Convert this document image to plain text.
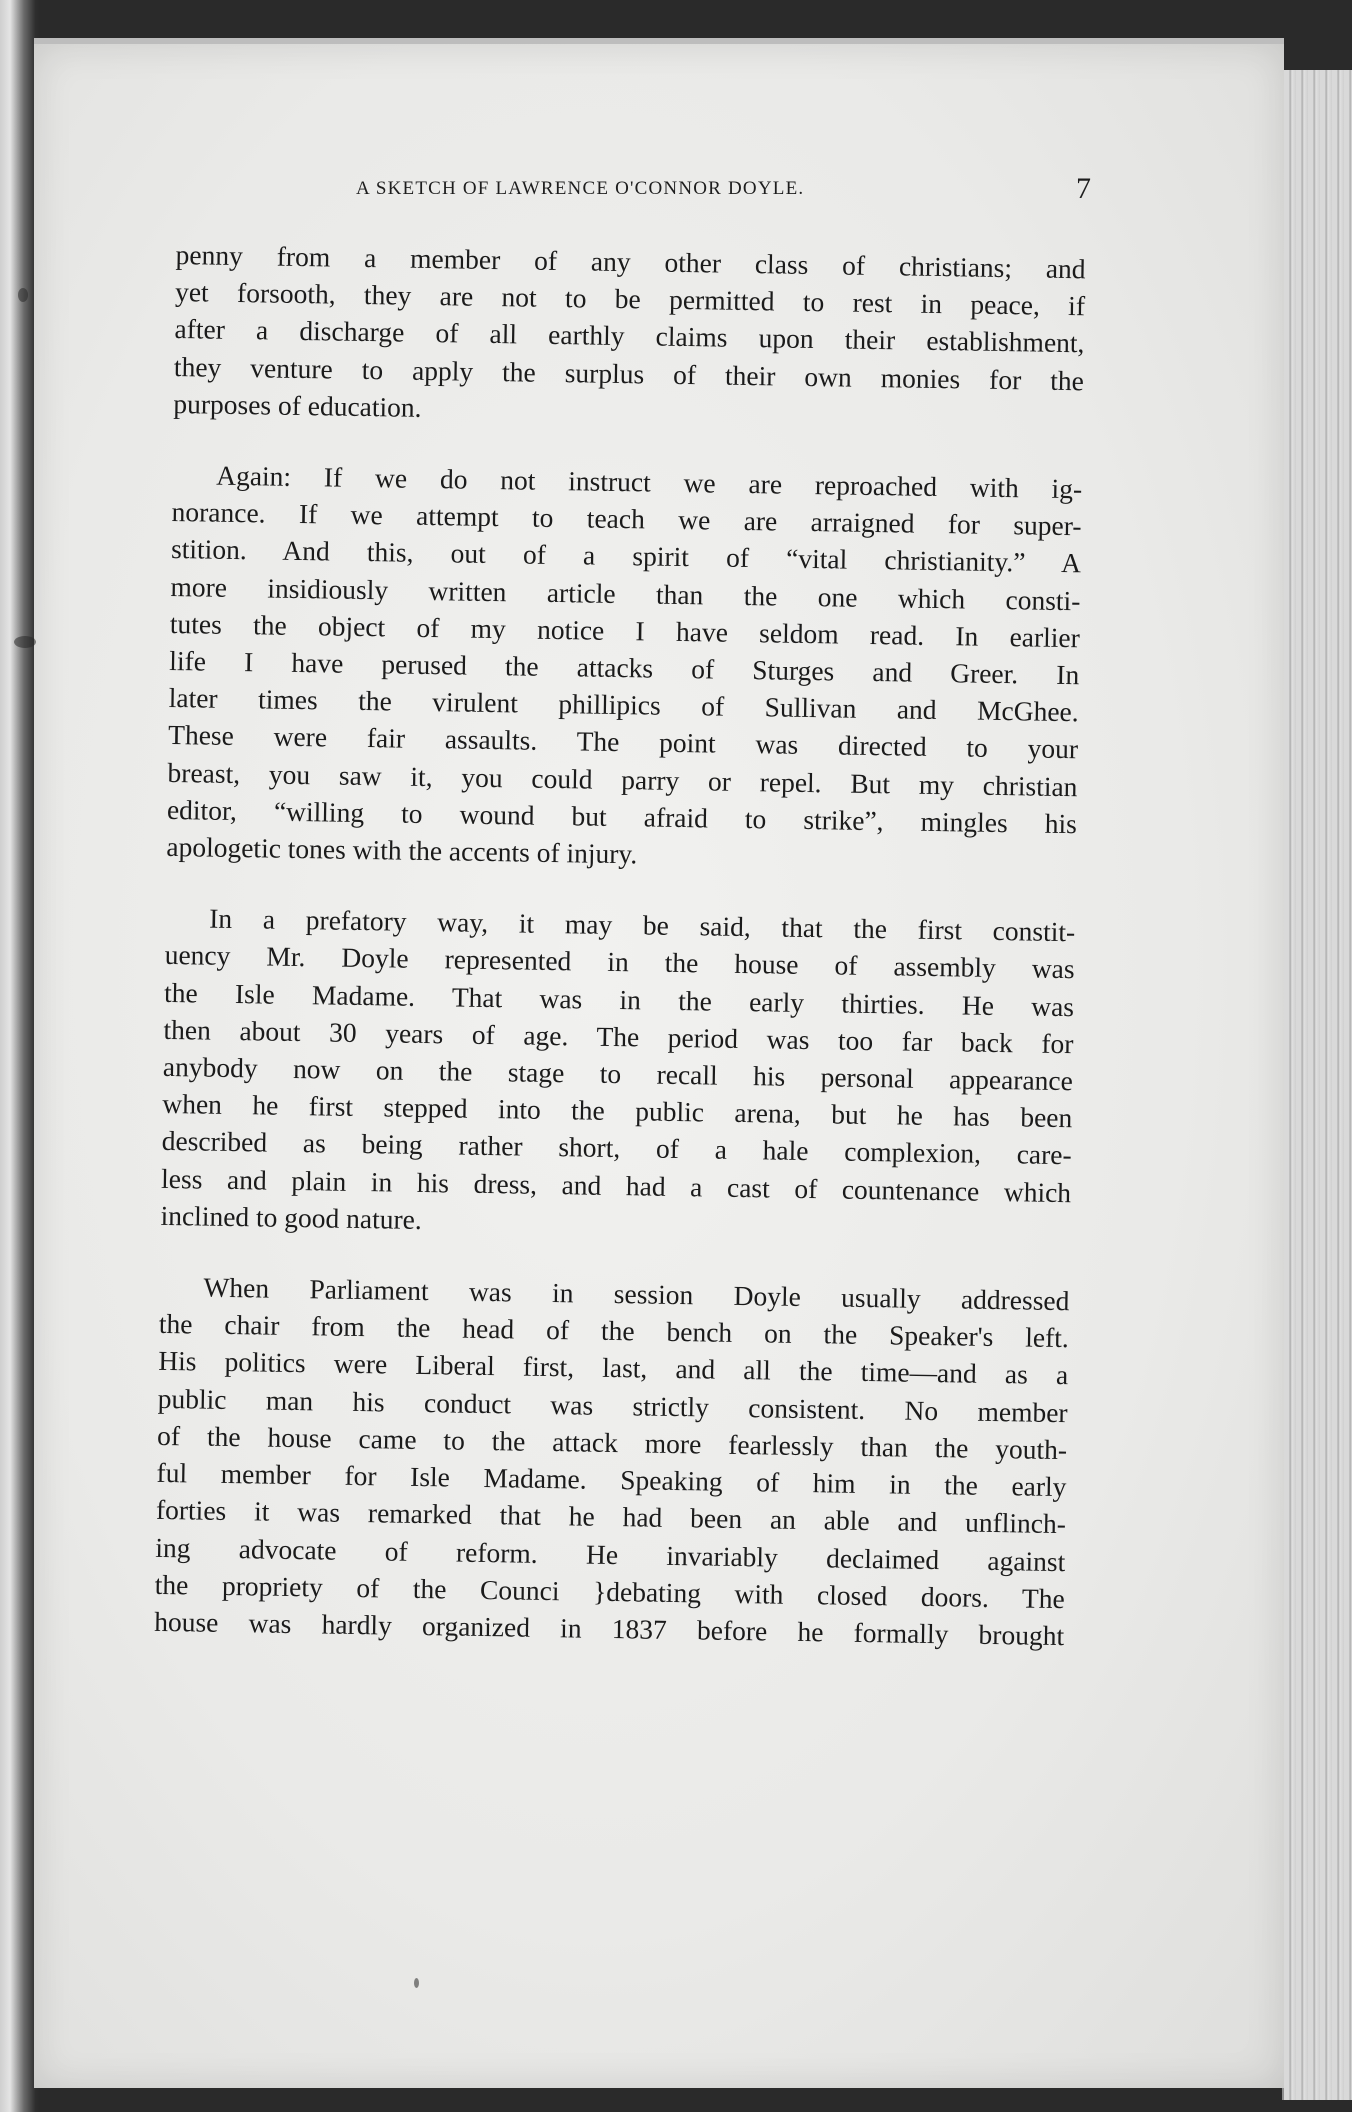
A SKETCH OF LAWRENCE O'CONNOR DOYLE.	7

penny from a member of any other class of christians; and
yet forsooth, they are not to be permitted to rest in peace, if
after a discharge of all earthly claims upon their establishment,
they venture to apply the surplus of their own monies for the
purposes of education.

Again: If we do not instruct we are reproached with ig-
norance. If we attempt to teach we are arraigned for super-
stition. And this, out of a spirit of “vital christianity.” A
more insidiously written article than the one which consti-
tutes the object of my notice I have seldom read. In earlier
life I have perused the attacks of Sturges and Greer. In
later times the virulent phillipics of Sullivan and McGhee.
These were fair assaults. The point was directed to your
breast, you saw it, you could parry or repel. But my christian
editor, “willing to wound but afraid to strike”, mingles his
apologetic tones with the accents of injury.

In a prefatory way, it may be said, that the first constit-
uency Mr. Doyle represented in the house of assembly was
the Isle Madame. That was in the early thirties. He was
then about 30 years of age. The period was too far back for
anybody now on the stage to recall his personal appearance
when he first stepped into the public arena, but he has been
described as being rather short, of a hale complexion, care-
less and plain in his dress, and had a cast of countenance which
inclined to good nature.

When Parliament was in session Doyle usually addressed
the chair from the head of the bench on the Speaker's left.
His politics were Liberal first, last, and all the time—and as a
public man his conduct was strictly consistent. No member
of the house came to the attack more fearlessly than the youth-
ful member for Isle Madame. Speaking of him in the early
forties it was remarked that he had been an able and unflinch-
ing advocate of reform. He invariably declaimed against
the propriety of the Counci }debating with closed doors. The
house was hardly organized in 1837 before he formally brought
